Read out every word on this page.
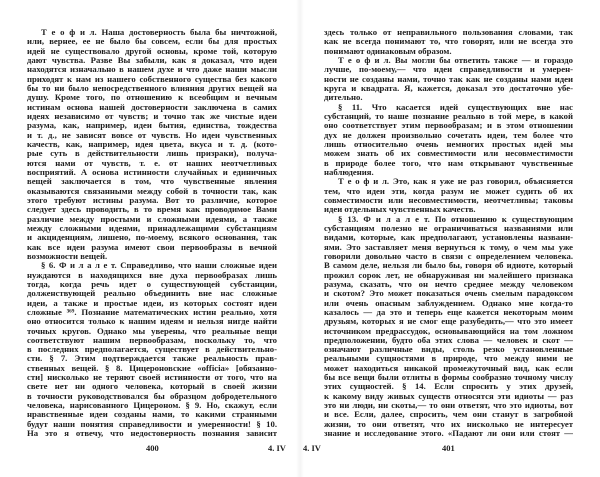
Т е о ф и л. Наша достоверность была бы ничтожной,
или, вернее, ее не было бы совсем, если бы для простых
идей не существовало другой основы, кроме той, которую
дают чувства. Разве Вы забыли, как я доказал, что идеи
находятся изначально в нашем духе и что даже наши мысли
приходят к нам из нашего собственного существа без какого
бы то ни было непосредственного влияния других вещей на
душу. Кроме того, по отношению к всеобщим и вечным
истинам основа нашей достоверности заключена в самих
идеях независимо от чувств; и точно так же чистые идеи
разума, как, например, идеи бытия, единства, тождества
и т. д., не зависят вовсе от чувств. Но идеи чувственных
качеств, как, например, идея цвета, вкуса и т. д. (кото-
рые суть в действительности лишь призраки), получа-
ются нами от чувств, т. е. от наших неотчетливых
восприятий. А основа истинности случайных и единичных
вещей заключается в том, что чувственные явления
оказываются связанными между собой в точности так, как
этого требуют истины разума. Вот то различие, которое
следует здесь проводить, в то время как проводимое Вами
различие между простыми и сложными идеями, а также
между сложными идеями, принадлежащими субстанциям
и акциденциям, лишено, по-моему, всякого основания, так
как все идеи разума имеют свои первообразы в вечной
возможности вещей.
§ 6. Ф и л а л е т. Справедливо, что наши сложные идеи
нуждаются в находящихся вне духа первообразах лишь
тогда, когда речь идет о существующей субстанции,
долженствующей реально объединить вне нас сложные
идеи, а также и простые идеи, из которых состоят идеи
сложные ³⁶⁹. Познание математических истин реально, хотя
оно относится только к нашим идеям и нельзя нигде найти
точных кругов. Однако мы уверены, что реальные вещи
соответствуют нашим первообразам, поскольку то, что
в последних предполагается, существует в действительно-
сти. § 7. Этим подтверждается также реальность прав-
ственных вещей. § 8. Цицероновские «officia» [обязанно-
сти] нисколько не теряют своей истинности от того, что на
свете нет ни одного человека, который в своей жизни
в точности руководствовался бы образцом добродетельного
человека, нарисованного Цицероном. § 9. Но, скажут, если
нравственные идеи созданы нами, то какими странными
будут наши понятия справедливости и умеренности! § 10.
На это я отвечу, что недостоверность познания зависит
здесь только от неправильного пользования словами, так
как не всегда понимают то, что говорят, или не всегда это
понимают одинаковым образом.
Т е о ф и л. Вы могли бы ответить также — и гораздо
лучше, по-моему,— что идеи справедливости и умерен-
ности не созданы нами, точно так как не созданы нами идеи
круга и квадрата. Я, кажется, доказал это достаточно убе-
дительно.
§ 11. Что касается идей существующих вне нас
субстанций, то наше познание реально в той мере, в какой
оно соответствует этим первообразам; и в этом отношении
дух не должен произвольно сочетать идеи, тем более что
лишь относительно очень немногих простых идей мы
можем знать об их совместимости или несовместимости
в природе более того, что нам открывают чувственные
наблюдения.
Т е о ф и л. Это, как я уже не раз говорил, объясняется
тем, что идеи эти, когда разум не может судить об их
совместимости или несовместимости, неотчетливы; таковы
идеи отдельных чувственных качеств.
§ 13. Ф и л а л е т. По отношению к существующим
субстанциям полезно не ограничиваться названиями или
видами, которые, как предполагают, установлены названи-
ями. Это заставляет меня вернуться к тому, о чем мы уже
говорили довольно часто в связи с определением человека.
В самом деле, нельзя ли было бы, говоря об идиоте, который
прожил сорок лет, не обнаруживая ни малейшего признака
разума, сказать, что он нечто среднее между человеком
и скотом? Это может показаться очень смелым парадоксом
или очень опасным заблуждением. Однако мне когда-то
казалось — да это и теперь еще кажется некоторым моим
друзьям, которых я не смог еще разубедить,— что это имеет
источником предрассудок, основывающийся на том ложном
предположении, будто оба этих слова — человек и скот —
означают различные виды, столь резко установленные
реальными сущностями в природе, что между ними не
может находиться никакой промежуточный вид, как если
бы все вещи были отлиты в формы сообразно точному числу
этих сущностей. § 14. Если спросить у этих друзей,
к какому виду живых существ относятся эти идиоты — раз
это ни люди, ни скоты,— то они ответят, что это идиоты, вот
и все. Если, далее, спросить, чем они станут в загробной
жизни, то они ответят, что их нисколько не интересует
знание и исследование этого. «Падают ли они или стоят —
400	4. IV 4. IV	401
